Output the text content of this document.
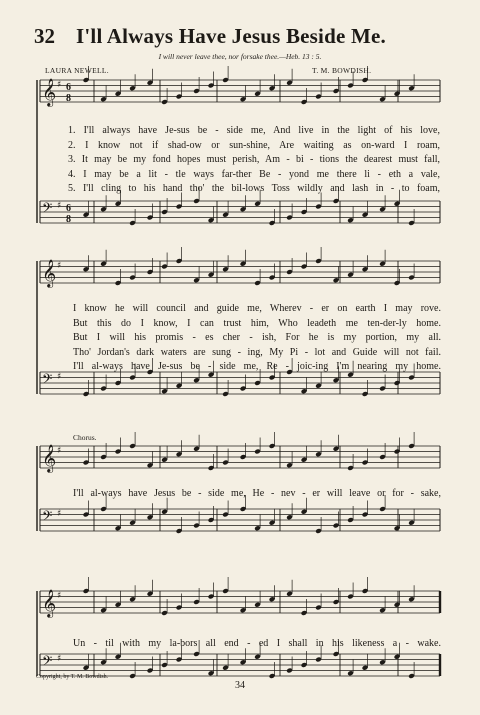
32 I'll Always Have Jesus Beside Me.
I will never leave thee, nor forsake thee.—Heb. 13 : 5.
LAURA NEWELL.	T. M. BOWDISH.
𝄞 ♯ 6
8
𝄢 ♯ 6
8
𝄞 ♯
𝄢 ♯
𝄞 ♯
𝄢 ♯
𝄞 ♯
𝄢 ♯
1. I'll always have Je-sus be - side me, And live in the light of his love,
2. I know not if shad-ow or sun-shine, Are waiting as on-ward I roam,
3. It may be my fond hopes must perish, Am - bi - tions the dearest must fall,
4. I may be a lit - tle ways far-ther Be - yond me there li - eth a vale,
5. I'll cling to his hand tho' the bil-lows Toss wildly and lash in - to foam,
I know he will council and guide me, Wherev - er on earth I may rove.
But this do I know, I can trust him, Who leadeth me ten-der-ly home.
But I will his promis - es cher - ish, For he is my portion, my all.
Tho' Jordan's dark waters are sung - ing, My Pi - lot and Guide will not fail.
I'll al-ways have Je-sus be - side me, Re - joic-ing I'm nearing my home.
Chorus.
I'll al-ways have Jesus be - side me, He - nev - er will leave or for - sake,
Un - til with my la-bors all end - ed I shall in his likeness a - wake.
Copyright, by T. M. Bowdish.
34
